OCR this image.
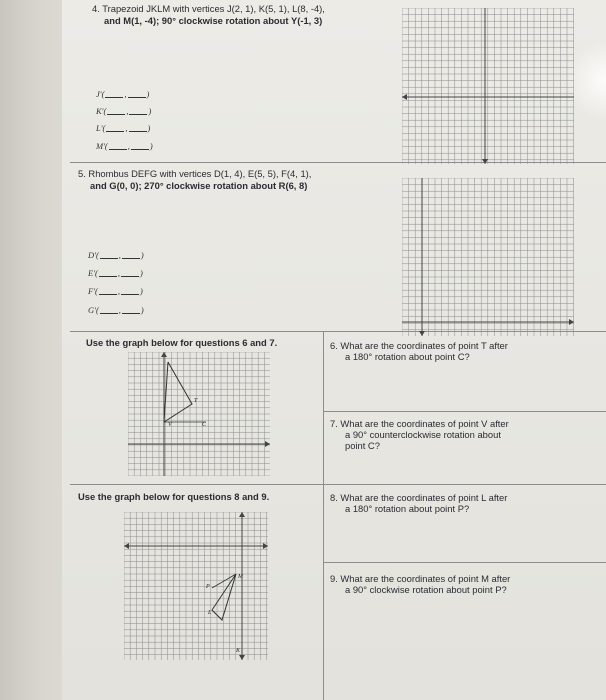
4. Trapezoid JKLM with vertices J(2, 1), K(5, 1), L(8, -4),
and M(1, -4); 90° clockwise rotation about Y(-1, 3)
J'( , )
K'( , )
L'( , )
M'( , )
5. Rhombus DEFG with vertices D(1, 4), E(5, 5), F(4, 1),
and G(0, 0); 270° clockwise rotation about R(6, 8)
D'( , )
E'( , )
F'( , )
G'( , )
Use the graph below for questions 6 and 7.
Use the graph below for questions 8 and 9.
6. What are the coordinates of point T after
a 180° rotation about point C?
7. What are the coordinates of point V after
a 90° counterclockwise rotation about
point C?
8. What are the coordinates of point L after
a 180° rotation about point P?
9. What are the coordinates of point M after
a 90° clockwise rotation about point P?
T
C
V
P
M
L
K
